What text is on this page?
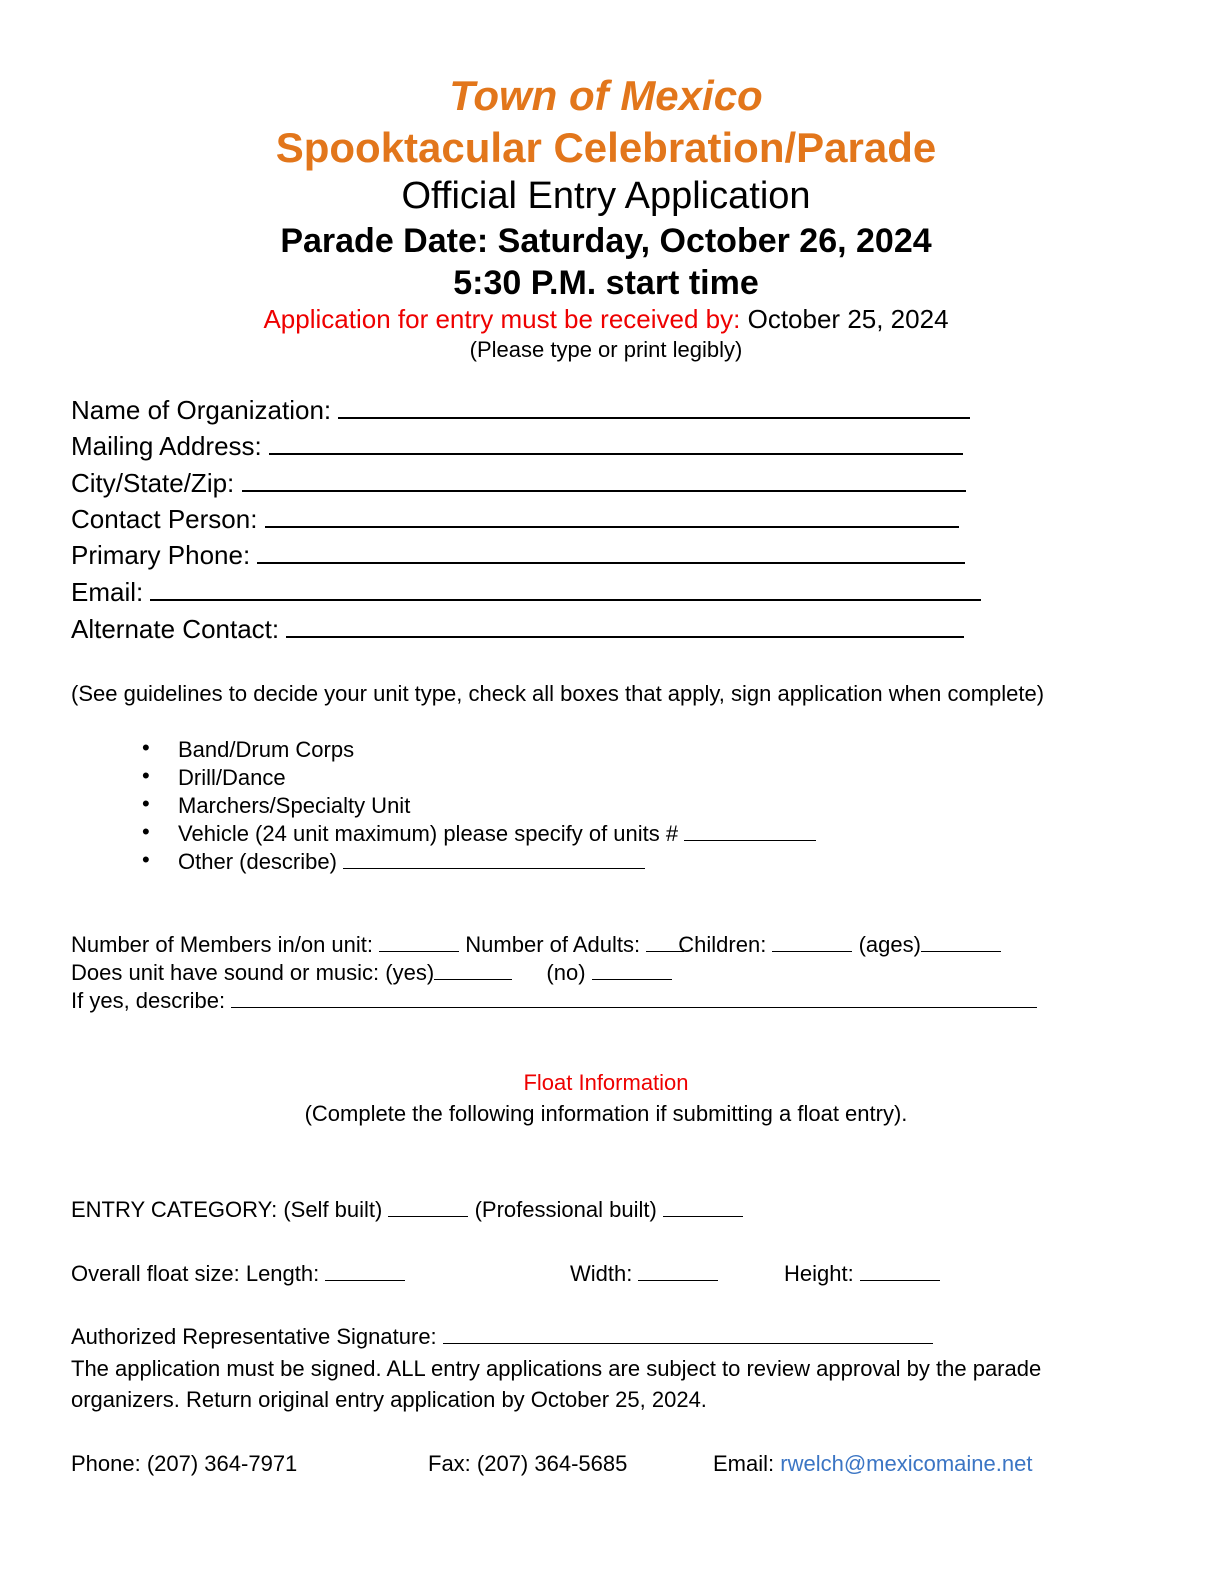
Town of Mexico
Spooktacular Celebration/Parade
Official Entry Application
Parade Date: Saturday, October 26, 2024
5:30 P.M. start time
Application for entry must be received by: October 25, 2024
(Please type or print legibly)
Name of Organization:
Mailing Address:
City/State/Zip:
Contact Person:
Primary Phone:
Email:
Alternate Contact:
(See guidelines to decide your unit type, check all boxes that apply, sign application when complete)
• Band/Drum Corps
• Drill/Dance
• Marchers/Specialty Unit
• Vehicle (24 unit maximum) please specify of units #
• Other (describe)
Number of Members in/on unit:	Number of Adults: Children:	(ages)
Does unit have sound or music: (yes)	(no)
If yes, describe:
Float Information
(Complete the following information if submitting a float entry).
ENTRY CATEGORY: (Self built)	(Professional built)
Overall float size: Length:	Width:	Height:
Authorized Representative Signature:
The application must be signed. ALL entry applications are subject to review approval by the parade
organizers. Return original entry application by October 25, 2024.
Phone: (207) 364-7971	Fax: (207) 364-5685	Email: rwelch@mexicomaine.net
